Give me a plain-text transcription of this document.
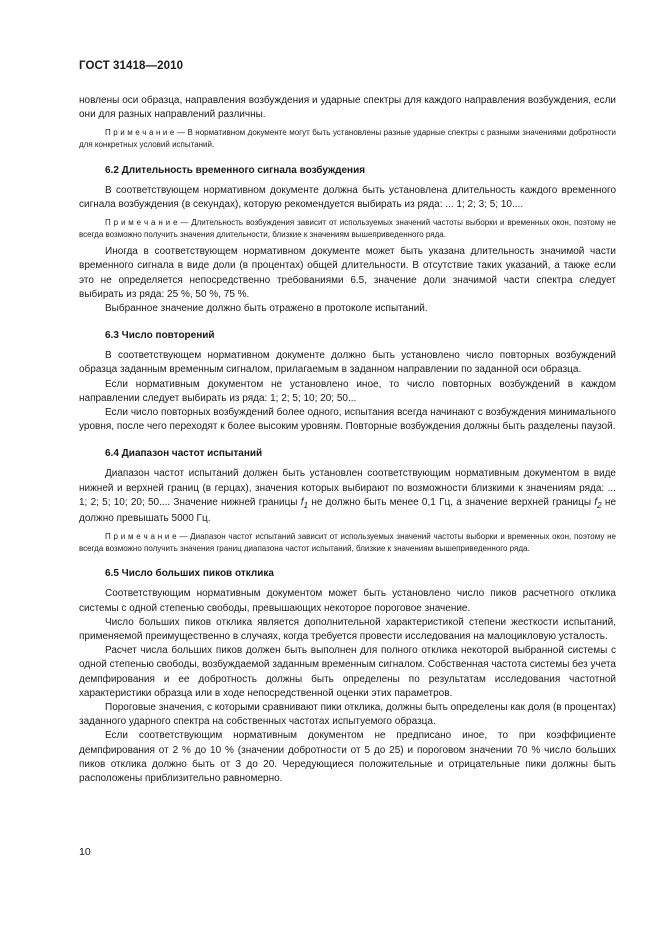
ГОСТ 31418—2010

новлены оси образца, направления возбуждения и ударные спектры для каждого направления возбуждения, если они для разных направлений различны.

П р и м е ч а н и е — В нормативном документе могут быть установлены разные ударные спектры с разными значениями добротности для конкретных условий испытаний.

6.2 Длительность временного сигнала возбуждения

В соответствующем нормативном документе должна быть установлена длительность каждого временного сигнала возбуждения (в секундах), которую рекомендуется выбирать из ряда: ... 1; 2; 3; 5; 10....

П р и м е ч а н и е — Длительность возбуждения зависит от используемых значений частоты выборки и временных окон, поэтому не всегда возможно получить значения длительности, близкие к значениям вышеприведенного ряда.

Иногда в соответствующем нормативном документе может быть указана длительность значимой части временного сигнала в виде доли (в процентах) общей длительности. В отсутствие таких указаний, а также если это не определяется непосредственно требованиями 6.5, значение доли значимой части спектра следует выбирать из ряда: 25 %, 50 %, 75 %.

Выбранное значение должно быть отражено в протоколе испытаний.

6.3 Число повторений

В соответствующем нормативном документе должно быть установлено число повторных возбуждений образца заданным временным сигналом, прилагаемым в заданном направлении по заданной оси образца.

Если нормативным документом не установлено иное, то число повторных возбуждений в каждом направлении следует выбирать из ряда: 1; 2; 5; 10; 20; 50...

Если число повторных возбуждений более одного, испытания всегда начинают с возбуждения минимального уровня, после чего переходят к более высоким уровням. Повторные возбуждения должны быть разделены паузой.

6.4 Диапазон частот испытаний

Диапазон частот испытаний должен быть установлен соответствующим нормативным документом в виде нижней и верхней границ (в герцах), значения которых выбирают по возможности близкими к значениям ряда: ... 1; 2; 5; 10; 20; 50.... Значение нижней границы $f_1$ не должно быть менее 0,1 Гц, а значение верхней границы $f_2$ не должно превышать 5000 Гц.

П р и м е ч а н и е — Диапазон частот испытаний зависит от используемых значений частоты выборки и временных окон, поэтому не всегда возможно получить значения границ диапазона частот испытаний, близкие к значениям вышеприведенного ряда.

6.5 Число больших пиков отклика

Соответствующим нормативным документом может быть установлено число пиков расчетного отклика системы с одной степенью свободы, превышающих некоторое пороговое значение.

Число больших пиков отклика является дополнительной характеристикой степени жесткости испытаний, применяемой преимущественно в случаях, когда требуется провести исследования на малоцикловую усталость.

Расчет числа больших пиков должен быть выполнен для полного отклика некоторой выбранной системы с одной степенью свободы, возбуждаемой заданным временным сигналом. Собственная частота системы без учета демпфирования и ее добротность должны быть определены по результатам исследования частотной характеристики образца или в ходе непосредственной оценки этих параметров.

Пороговые значения, с которыми сравнивают пики отклика, должны быть определены как доля (в процентах) заданного ударного спектра на собственных частотах испытуемого образца.

Если соответствующим нормативным документом не предписано иное, то при коэффициенте демпфирования от 2 % до 10 % (значении добротности от 5 до 25) и пороговом значении 70 % число больших пиков отклика должно быть от 3 до 20. Чередующиеся положительные и отрицательные пики должны быть расположены приблизительно равномерно.

10
